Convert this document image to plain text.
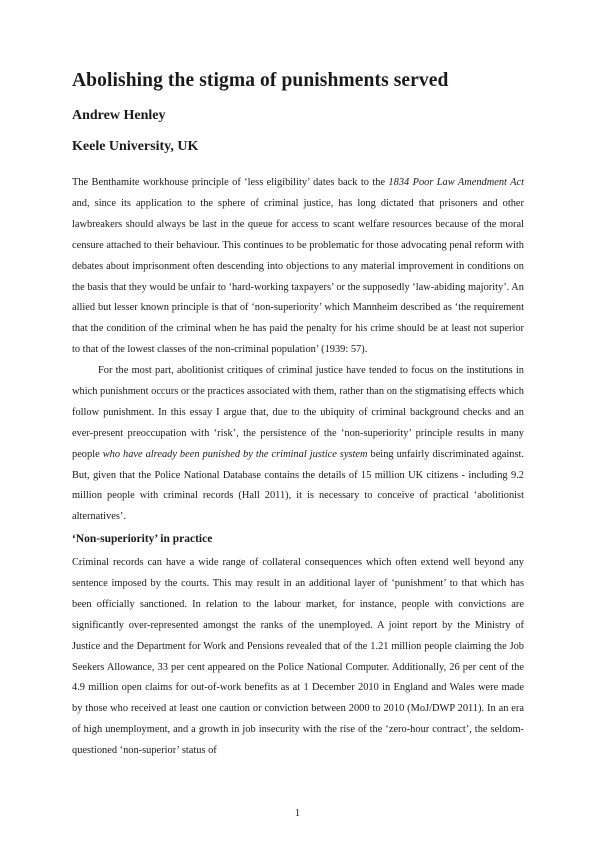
Abolishing the stigma of punishments served

Andrew Henley

Keele University, UK

The Benthamite workhouse principle of ‘less eligibility’ dates back to the 1834 Poor Law Amendment Act and, since its application to the sphere of criminal justice, has long dictated that prisoners and other lawbreakers should always be last in the queue for access to scant welfare resources because of the moral censure attached to their behaviour. This continues to be problematic for those advocating penal reform with debates about imprisonment often descending into objections to any material improvement in conditions on the basis that they would be unfair to ‘hard-working taxpayers’ or the supposedly ‘law-abiding majority’. An allied but lesser known principle is that of ‘non-superiority’ which Mannheim described as ‘the requirement that the condition of the criminal when he has paid the penalty for his crime should be at least not superior to that of the lowest classes of the non-criminal population’ (1939: 57).

For the most part, abolitionist critiques of criminal justice have tended to focus on the institutions in which punishment occurs or the practices associated with them, rather than on the stigmatising effects which follow punishment. In this essay I argue that, due to the ubiquity of criminal background checks and an ever-present preoccupation with ‘risk’, the persistence of the ‘non-superiority’ principle results in many people who have already been punished by the criminal justice system being unfairly discriminated against. But, given that the Police National Database contains the details of 15 million UK citizens - including 9.2 million people with criminal records (Hall 2011), it is necessary to conceive of practical ‘abolitionist alternatives’.

‘Non-superiority’ in practice

Criminal records can have a wide range of collateral consequences which often extend well beyond any sentence imposed by the courts. This may result in an additional layer of ‘punishment’ to that which has been officially sanctioned. In relation to the labour market, for instance, people with convictions are significantly over-represented amongst the ranks of the unemployed. A joint report by the Ministry of Justice and the Department for Work and Pensions revealed that of the 1.21 million people claiming the Job Seekers Allowance, 33 per cent appeared on the Police National Computer. Additionally, 26 per cent of the 4.9 million open claims for out-of-work benefits as at 1 December 2010 in England and Wales were made by those who received at least one caution or conviction between 2000 to 2010 (MoJ/DWP 2011). In an era of high unemployment, and a growth in job insecurity with the rise of the ‘zero-hour contract’, the seldom-questioned ‘non-superior’ status of

1
